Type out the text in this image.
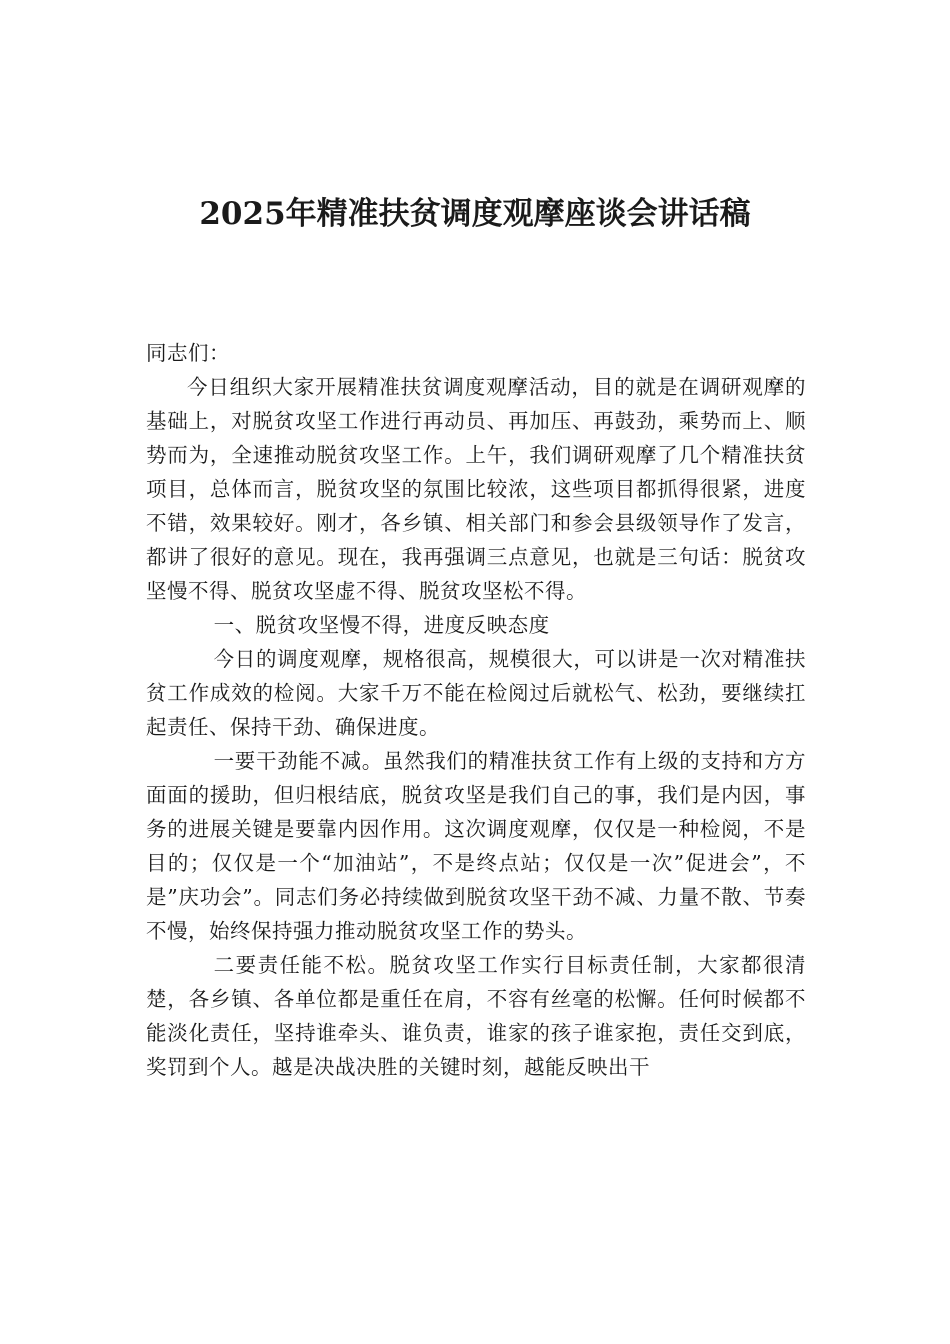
2025年精准扶贫调度观摩座谈会讲话稿

同志们：

今日组织大家开展精准扶贫调度观摩活动，目的就是在调研观摩的基础上，对脱贫攻坚工作进行再动员、再加压、再鼓劲，乘势而上、顺势而为，全速推动脱贫攻坚工作。上午，我们调研观摩了几个精准扶贫项目，总体而言，脱贫攻坚的氛围比较浓，这些项目都抓得很紧，进度不错，效果较好。刚才，各乡镇、相关部门和参会县级领导作了发言，都讲了很好的意见。现在，我再强调三点意见，也就是三句话：脱贫攻坚慢不得、脱贫攻坚虚不得、脱贫攻坚松不得。

一、脱贫攻坚慢不得，进度反映态度

今日的调度观摩，规格很高，规模很大，可以讲是一次对精准扶贫工作成效的检阅。大家千万不能在检阅过后就松气、松劲，要继续扛起责任、保持干劲、确保进度。

一要干劲能不减。虽然我们的精准扶贫工作有上级的支持和方方面面的援助，但归根结底，脱贫攻坚是我们自己的事，我们是内因，事务的进展关键是要靠内因作用。这次调度观摩，仅仅是一种检阅，不是目的；仅仅是一个“加油站”，不是终点站；仅仅是一次”促进会”，不是”庆功会”。同志们务必持续做到脱贫攻坚干劲不减、力量不散、节奏不慢，始终保持强力推动脱贫攻坚工作的势头。

二要责任能不松。脱贫攻坚工作实行目标责任制，大家都很清楚，各乡镇、各单位都是重任在肩，不容有丝毫的松懈。任何时候都不能淡化责任，坚持谁牵头、谁负责，谁家的孩子谁家抱，责任交到底，奖罚到个人。越是决战决胜的关键时刻，越能反映出干
